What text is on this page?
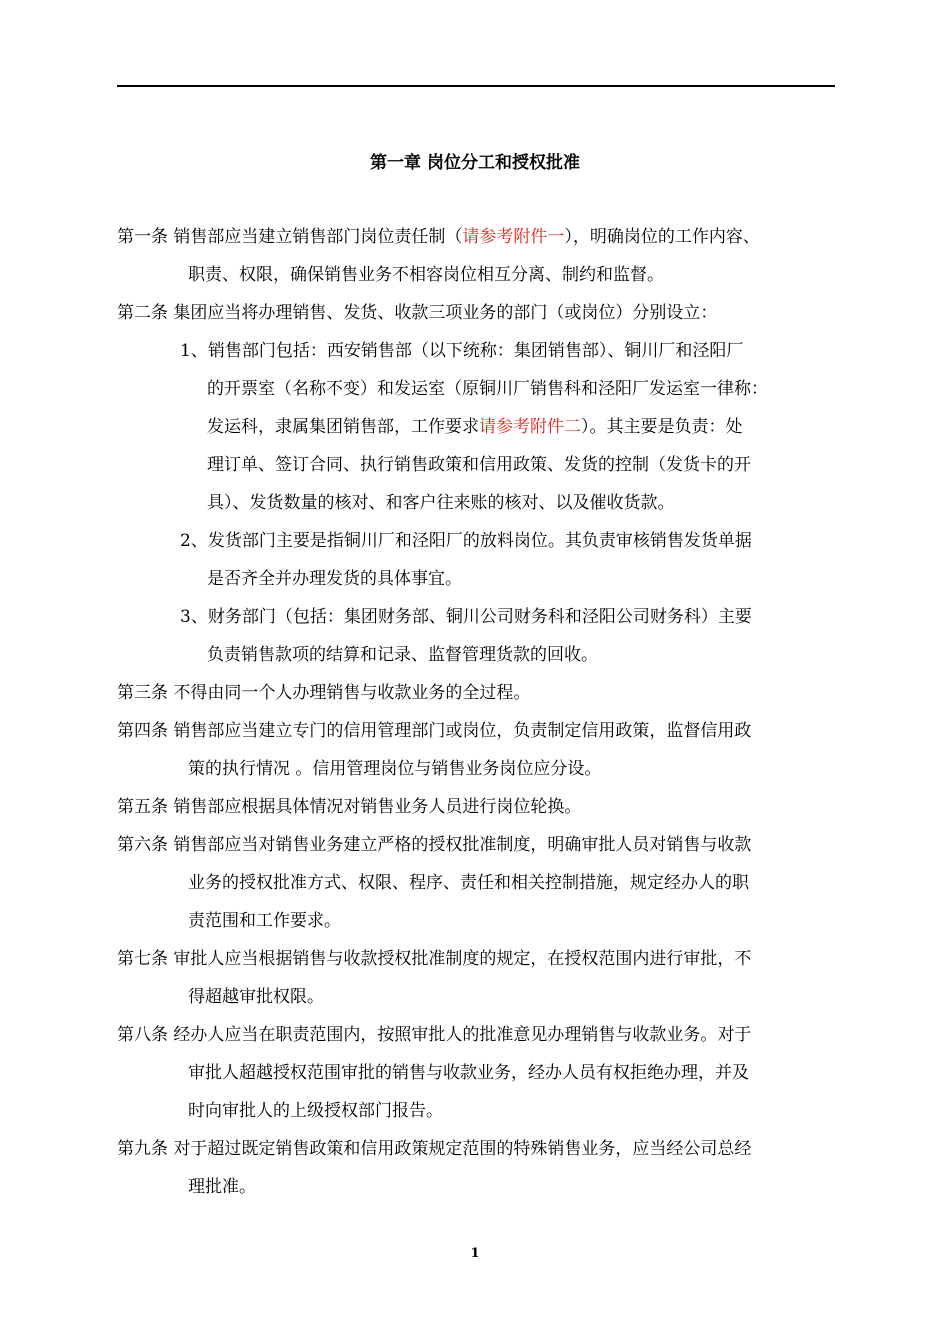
第一章 岗位分工和授权批准
第一条 销售部应当建立销售部门岗位责任制（请参考附件一），明确岗位的工作内容、
职责、权限，确保销售业务不相容岗位相互分离、制约和监督。
第二条 集团应当将办理销售、发货、收款三项业务的部门（或岗位）分别设立：
1、销售部门包括：西安销售部（以下统称：集团销售部）、铜川厂和泾阳厂
的开票室（名称不变）和发运室（原铜川厂销售科和泾阳厂发运室一律称：
发运科，隶属集团销售部，工作要求请参考附件二）。其主要是负责：处
理订单、签订合同、执行销售政策和信用政策、发货的控制（发货卡的开
具）、发货数量的核对、和客户往来账的核对、以及催收货款。
2、发货部门主要是指铜川厂和泾阳厂的放料岗位。其负责审核销售发货单据
是否齐全并办理发货的具体事宜。
3、财务部门（包括：集团财务部、铜川公司财务科和泾阳公司财务科）主要
负责销售款项的结算和记录、监督管理货款的回收。
第三条 不得由同一个人办理销售与收款业务的全过程。
第四条 销售部应当建立专门的信用管理部门或岗位，负责制定信用政策，监督信用政
策的执行情况 。信用管理岗位与销售业务岗位应分设。
第五条 销售部应根据具体情况对销售业务人员进行岗位轮换。
第六条 销售部应当对销售业务建立严格的授权批准制度，明确审批人员对销售与收款
业务的授权批准方式、权限、程序、责任和相关控制措施，规定经办人的职
责范围和工作要求。
第七条 审批人应当根据销售与收款授权批准制度的规定，在授权范围内进行审批，不
得超越审批权限。
第八条 经办人应当在职责范围内，按照审批人的批准意见办理销售与收款业务。对于
审批人超越授权范围审批的销售与收款业务，经办人员有权拒绝办理，并及
时向审批人的上级授权部门报告。
第九条 对于超过既定销售政策和信用政策规定范围的特殊销售业务，应当经公司总经
理批准。
1
